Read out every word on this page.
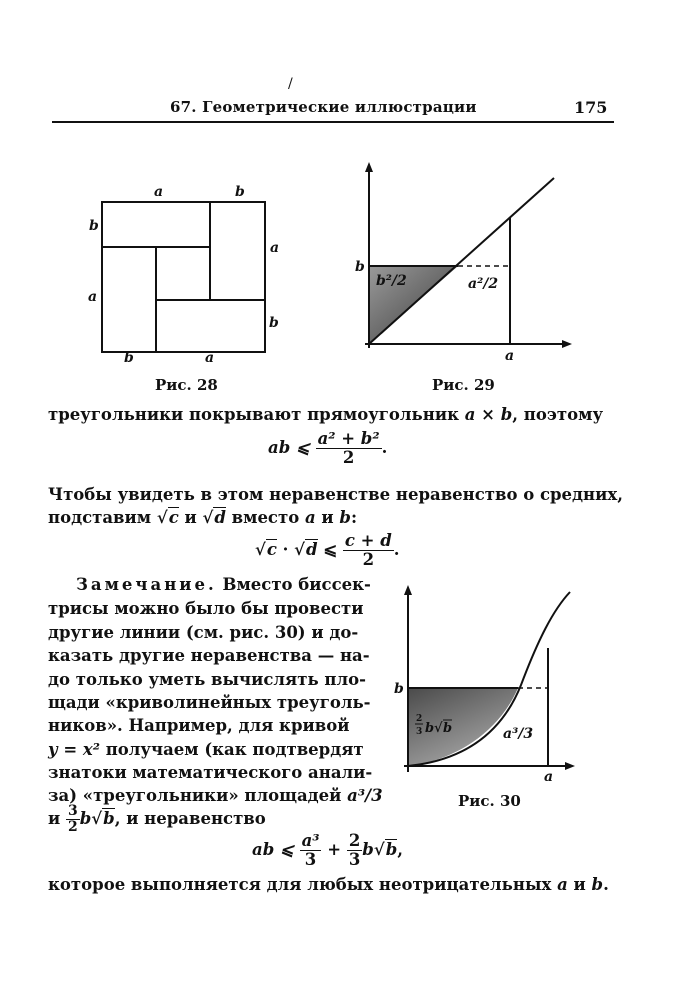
/
67. Геометрические иллюстрации	175
a	b
b
a
a
b
b	a
Рис. 28
b
a
b²/2	a²/2
Рис. 29
треугольники покрывают прямоугольник a × b, поэтому
ab ⩽ $\frac{\text{a² + b²}}{2}$ .
Чтобы увидеть в этом неравенстве неравенство о средних,
подставим √c и √d вместо a и b:
√c · √d ⩽ $\frac{c + d}{2}$ .
Замечание. Вместо биссек-
трисы можно было бы провести
другие линии (см. рис. 30) и до-
казать другие неравенства — на-
до только уметь вычислять пло-
щади «криволинейных треуголь-
ников». Например, для кривой
y = x² получаем (как подтвердят
знатоки математического анали-
за) «треугольники» площадей a³/3
и $\frac{3}{2} b√b$, и неравенство
b
a
a³/3
2
3 b √ b
Рис. 30
ab ⩽ $\frac{\text{a³}}{3} + \frac{2}{3} b√b$,
которое выполняется для любых неотрицательных a и b.
